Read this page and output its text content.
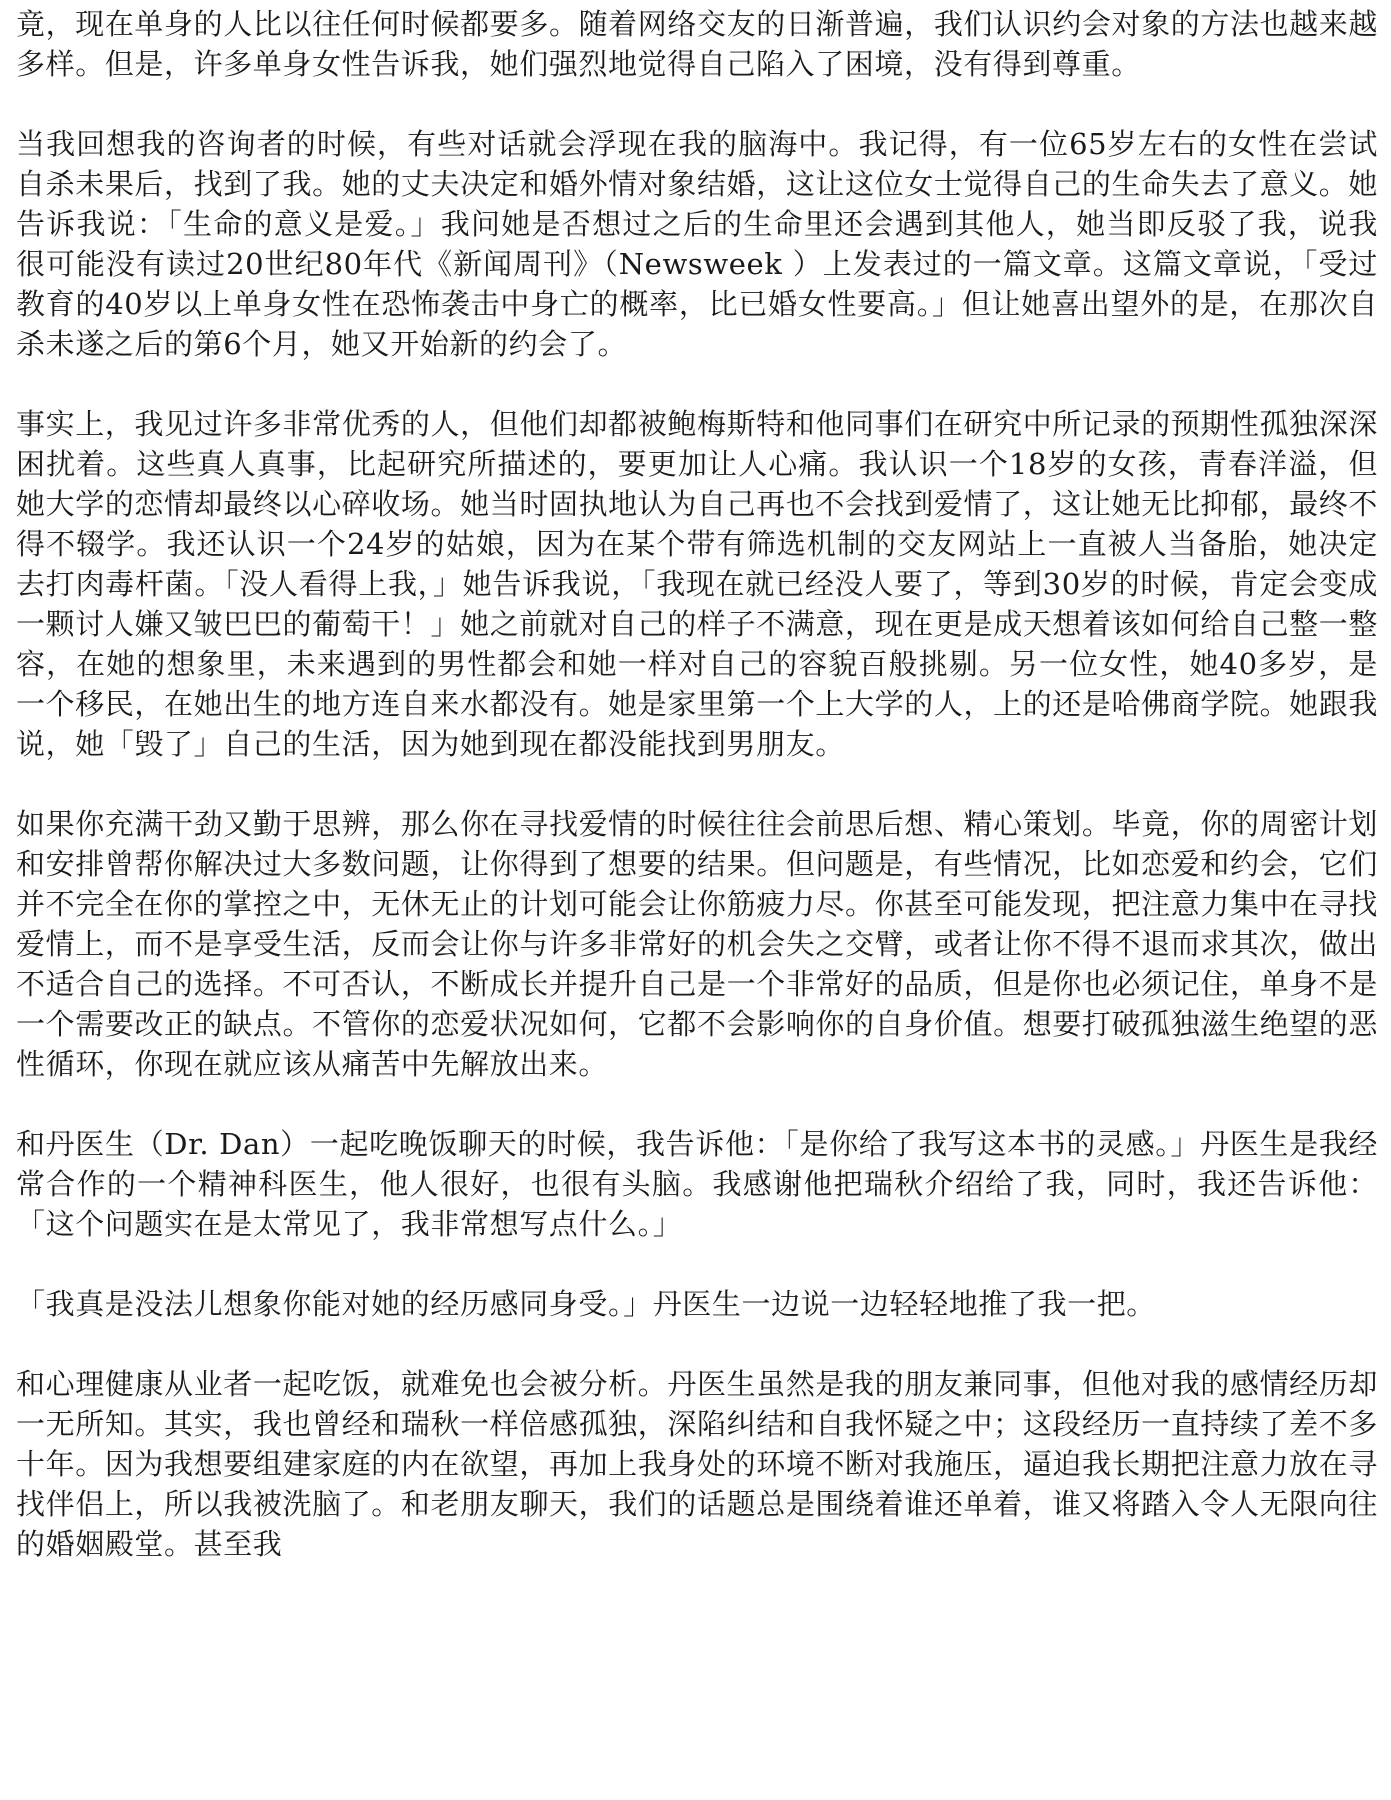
竟，现在单身的人比以往任何时候都要多。随着网络交友的日渐普遍，我们认识约会对象的方法也越来越多样。但是，许多单身女性告诉我，她们强烈地觉得自己陷入了困境，没有得到尊重。

当我回想我的咨询者的时候，有些对话就会浮现在我的脑海中。我记得，有一位65岁左右的女性在尝试自杀未果后，找到了我。她的丈夫决定和婚外情对象结婚，这让这位女士觉得自己的生命失去了意义。她告诉我说：「生命的意义是爱。」我问她是否想过之后的生命里还会遇到其他人，她当即反驳了我，说我很可能没有读过20世纪80年代《新闻周刊》（Newsweek ）上发表过的一篇文章。这篇文章说，「受过教育的40岁以上单身女性在恐怖袭击中身亡的概率，比已婚女性要高。」但让她喜出望外的是，在那次自杀未遂之后的第6个月，她又开始新的约会了。

事实上，我见过许多非常优秀的人，但他们却都被鲍梅斯特和他同事们在研究中所记录的预期性孤独深深困扰着。这些真人真事，比起研究所描述的，要更加让人心痛。我认识一个18岁的女孩，青春洋溢，但她大学的恋情却最终以心碎收场。她当时固执地认为自己再也不会找到爱情了，这让她无比抑郁，最终不得不辍学。我还认识一个24岁的姑娘，因为在某个带有筛选机制的交友网站上一直被人当备胎，她决定去打肉毒杆菌。「没人看得上我，」她告诉我说，「我现在就已经没人要了，等到30岁的时候，肯定会变成一颗讨人嫌又皱巴巴的葡萄干！」她之前就对自己的样子不满意，现在更是成天想着该如何给自己整一整容，在她的想象里，未来遇到的男性都会和她一样对自己的容貌百般挑剔。另一位女性，她40多岁，是一个移民，在她出生的地方连自来水都没有。她是家里第一个上大学的人，上的还是哈佛商学院。她跟我说，她「毁了」自己的生活，因为她到现在都没能找到男朋友。

如果你充满干劲又勤于思辨，那么你在寻找爱情的时候往往会前思后想、精心策划。毕竟，你的周密计划和安排曾帮你解决过大多数问题，让你得到了想要的结果。但问题是，有些情况，比如恋爱和约会，它们并不完全在你的掌控之中，无休无止的计划可能会让你筋疲力尽。你甚至可能发现，把注意力集中在寻找爱情上，而不是享受生活，反而会让你与许多非常好的机会失之交臂，或者让你不得不退而求其次，做出不适合自己的选择。不可否认，不断成长并提升自己是一个非常好的品质，但是你也必须记住，单身不是一个需要改正的缺点。不管你的恋爱状况如何，它都不会影响你的自身价值。想要打破孤独滋生绝望的恶性循环，你现在就应该从痛苦中先解放出来。

和丹医生（Dr. Dan）一起吃晚饭聊天的时候，我告诉他：「是你给了我写这本书的灵感。」丹医生是我经常合作的一个精神科医生，他人很好，也很有头脑。我感谢他把瑞秋介绍给了我，同时，我还告诉他：「这个问题实在是太常见了，我非常想写点什么。」

「我真是没法儿想象你能对她的经历感同身受。」丹医生一边说一边轻轻地推了我一把。

和心理健康从业者一起吃饭，就难免也会被分析。丹医生虽然是我的朋友兼同事，但他对我的感情经历却一无所知。其实，我也曾经和瑞秋一样倍感孤独，深陷纠结和自我怀疑之中；这段经历一直持续了差不多十年。因为我想要组建家庭的内在欲望，再加上我身处的环境不断对我施压，逼迫我长期把注意力放在寻找伴侣上，所以我被洗脑了。和老朋友聊天，我们的话题总是围绕着谁还单着，谁又将踏入令人无限向往的婚姻殿堂。甚至我
